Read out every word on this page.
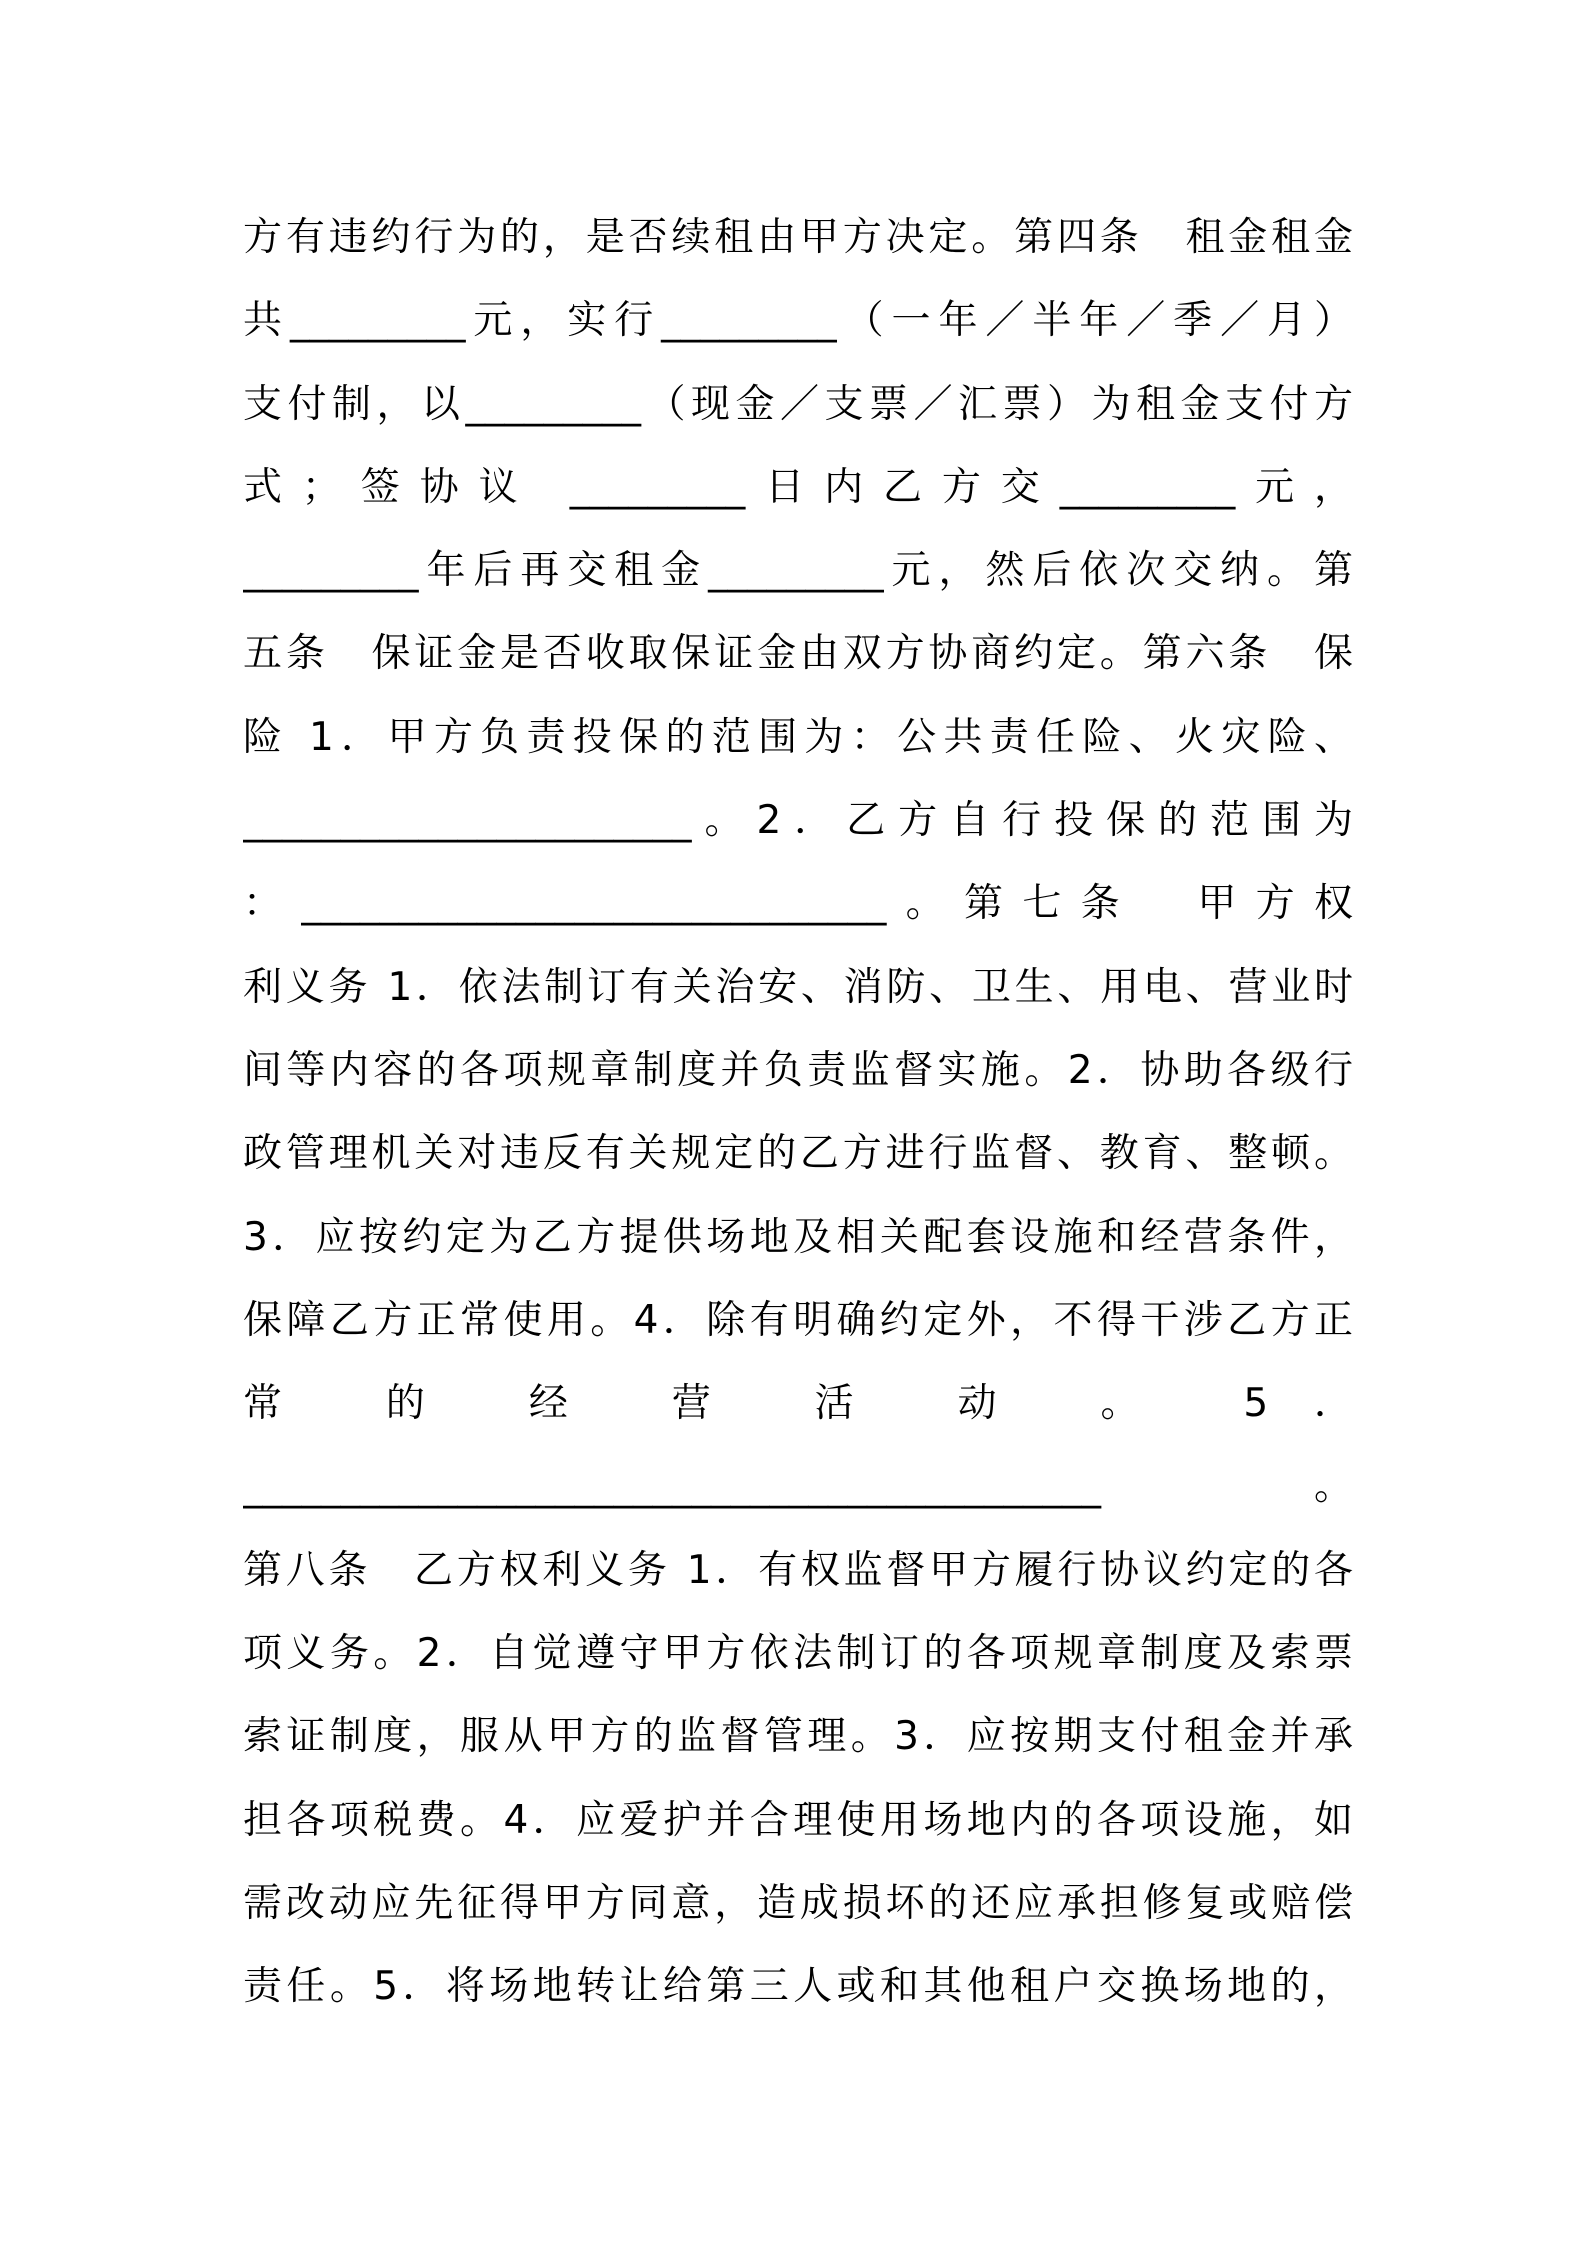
方有违约行为的，是否续租由甲方决定。第四条　租金租金
共_________元，实行_________（一年／半年／季／月）
支付制，以_________（现金／支票／汇票）为租金支付方
式；签协议 _________日内乙方交_________元，
_________年后再交租金_________元，然后依次交纳。第
五条　保证金是否收取保证金由双方协商约定。第六条　保
险 1．甲方负责投保的范围为：公共责任险、火灾险、
_______________________。2．乙方自行投保的范围为
：______________________________。第七条　甲方权
利义务 1．依法制订有关治安、消防、卫生、用电、营业时
间等内容的各项规章制度并负责监督实施。2．协助各级行
政管理机关对违反有关规定的乙方进行监督、教育、整顿。
3．应按约定为乙方提供场地及相关配套设施和经营条件，
保障乙方正常使用。4．除有明确约定外，不得干涉乙方正
常 的 经 营 活 动 。 5．
____________________________________________。
第八条　乙方权利义务 1．有权监督甲方履行协议约定的各
项义务。2．自觉遵守甲方依法制订的各项规章制度及索票
索证制度，服从甲方的监督管理。3．应按期支付租金并承
担各项税费。4．应爱护并合理使用场地内的各项设施，如
需改动应先征得甲方同意，造成损坏的还应承担修复或赔偿
责任。5．将场地转让给第三人或和其他租户交换场地的，
